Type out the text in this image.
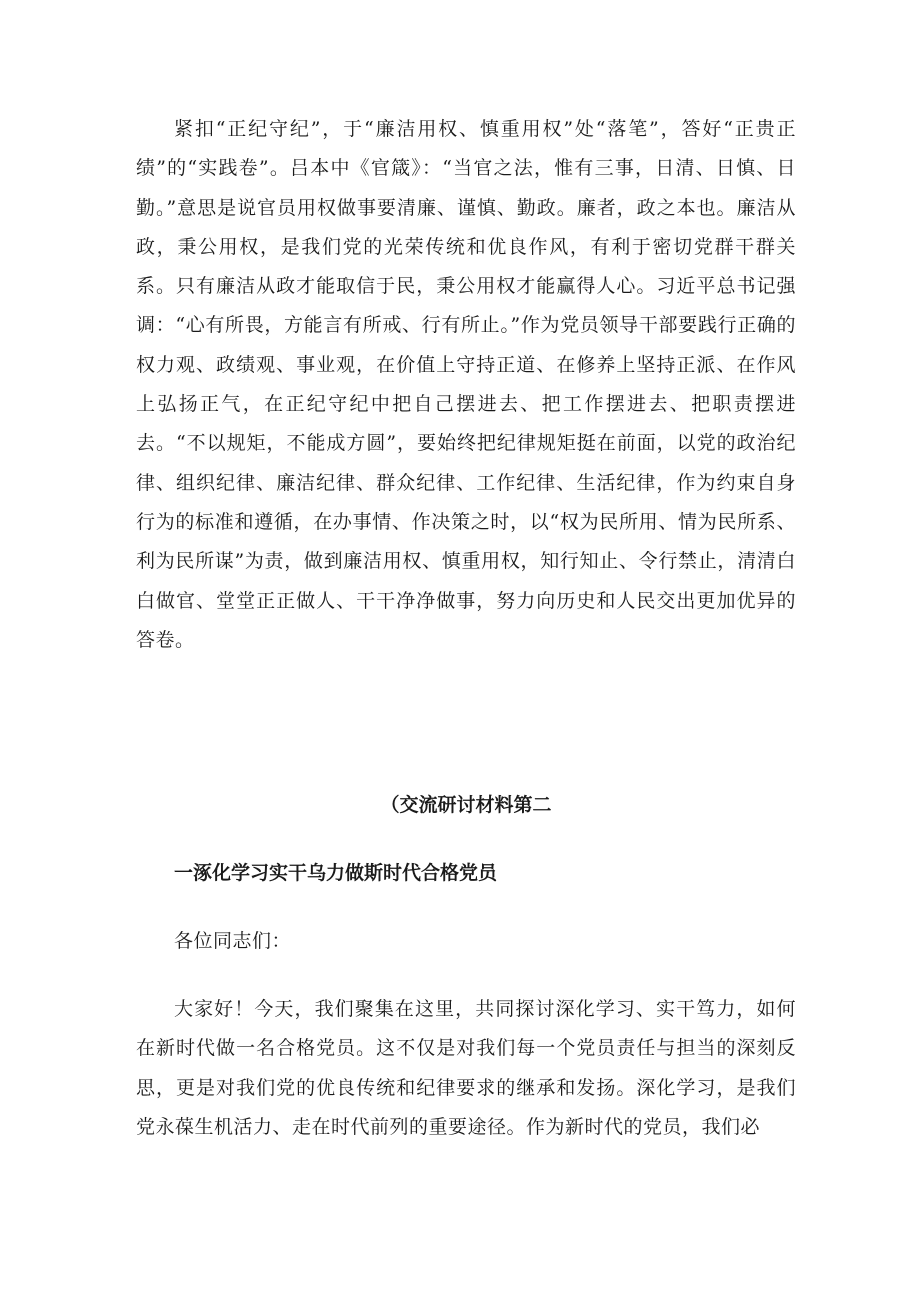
紧扣“正纪守纪”，于“廉洁用权、慎重用权”处“落笔”，答好“正贵正绩”的“实践卷”。吕本中《官箴》：“当官之法，惟有三事，日清、日慎、日勤。”意思是说官员用权做事要清廉、谨慎、勤政。廉者，政之本也。廉洁从政，秉公用权，是我们党的光荣传统和优良作风，有利于密切党群干群关系。只有廉洁从政才能取信于民，秉公用权才能赢得人心。习近平总书记强调：“心有所畏，方能言有所戒、行有所止。”作为党员领导干部要践行正确的权力观、政绩观、事业观，在价值上守持正道、在修养上坚持正派、在作风上弘扬正气，在正纪守纪中把自己摆进去、把工作摆进去、把职责摆进去。“不以规矩，不能成方圆”，要始终把纪律规矩挺在前面，以党的政治纪律、组织纪律、廉洁纪律、群众纪律、工作纪律、生活纪律，作为约束自身行为的标准和遵循，在办事情、作决策之时，以“权为民所用、情为民所系、利为民所谋”为责，做到廉洁用权、慎重用权，知行知止、令行禁止，清清白白做官、堂堂正正做人、干干净净做事，努力向历史和人民交出更加优异的答卷。

（交流研讨材料第二

一涿化学习实干乌力做斯时代合格党员

各位同志们：

大家好！今天，我们聚集在这里，共同探讨深化学习、实干笃力，如何在新时代做一名合格党员。这不仅是对我们每一个党员责任与担当的深刻反思，更是对我们党的优良传统和纪律要求的继承和发扬。深化学习，是我们党永葆生机活力、走在时代前列的重要途径。作为新时代的党员，我们必
